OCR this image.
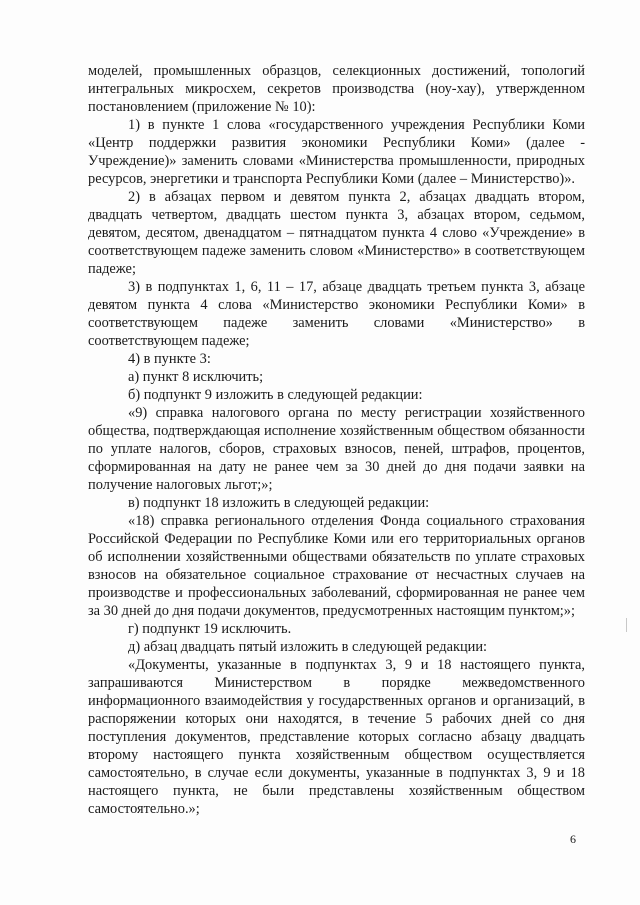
моделей, промышленных образцов, селекционных достижений, топологий интегральных микросхем, секретов производства (ноу-хау), утвержденном постановлением (приложение № 10):

1) в пункте 1 слова «государственного учреждения Республики Коми «Центр поддержки развития экономики Республики Коми» (далее - Учреждение)» заменить словами «Министерства промышленности, природных ресурсов, энергетики и транспорта Республики Коми (далее – Министерство)».

2) в абзацах первом и девятом пункта 2, абзацах двадцать втором, двадцать четвертом, двадцать шестом пункта 3, абзацах втором, седьмом, девятом, десятом, двенадцатом – пятнадцатом пункта 4 слово «Учреждение» в соответствующем падеже заменить словом «Министерство» в соответствующем падеже;

3) в подпунктах 1, 6, 11 – 17, абзаце двадцать третьем пункта 3, абзаце девятом пункта 4 слова «Министерство экономики Республики Коми» в соответствующем падеже заменить словами «Министерство» в соответствующем падеже;

4) в пункте 3:

а) пункт 8 исключить;

б) подпункт 9 изложить в следующей редакции:

«9) справка налогового органа по месту регистрации хозяйственного общества, подтверждающая исполнение хозяйственным обществом обязанности по уплате налогов, сборов, страховых взносов, пеней, штрафов, процентов, сформированная на дату не ранее чем за 30 дней до дня подачи заявки на получение налоговых льгот;»;

в) подпункт 18 изложить в следующей редакции:

«18) справка регионального отделения Фонда социального страхования Российской Федерации по Республике Коми или его территориальных органов об исполнении хозяйственными обществами обязательств по уплате страховых взносов на обязательное социальное страхование от несчастных случаев на производстве и профессиональных заболеваний, сформированная не ранее чем за 30 дней до дня подачи документов, предусмотренных настоящим пунктом;»;

г) подпункт 19 исключить.

д) абзац двадцать пятый изложить в следующей редакции:

«Документы, указанные в подпунктах 3, 9 и 18 настоящего пункта, запрашиваются Министерством в порядке межведомственного информационного взаимодействия у государственных органов и организаций, в распоряжении которых они находятся, в течение 5 рабочих дней со дня поступления документов, представление которых согласно абзацу двадцать второму настоящего пункта хозяйственным обществом осуществляется самостоятельно, в случае если документы, указанные в подпунктах 3, 9 и 18 настоящего пункта, не были представлены хозяйственным обществом самостоятельно.»;

6
